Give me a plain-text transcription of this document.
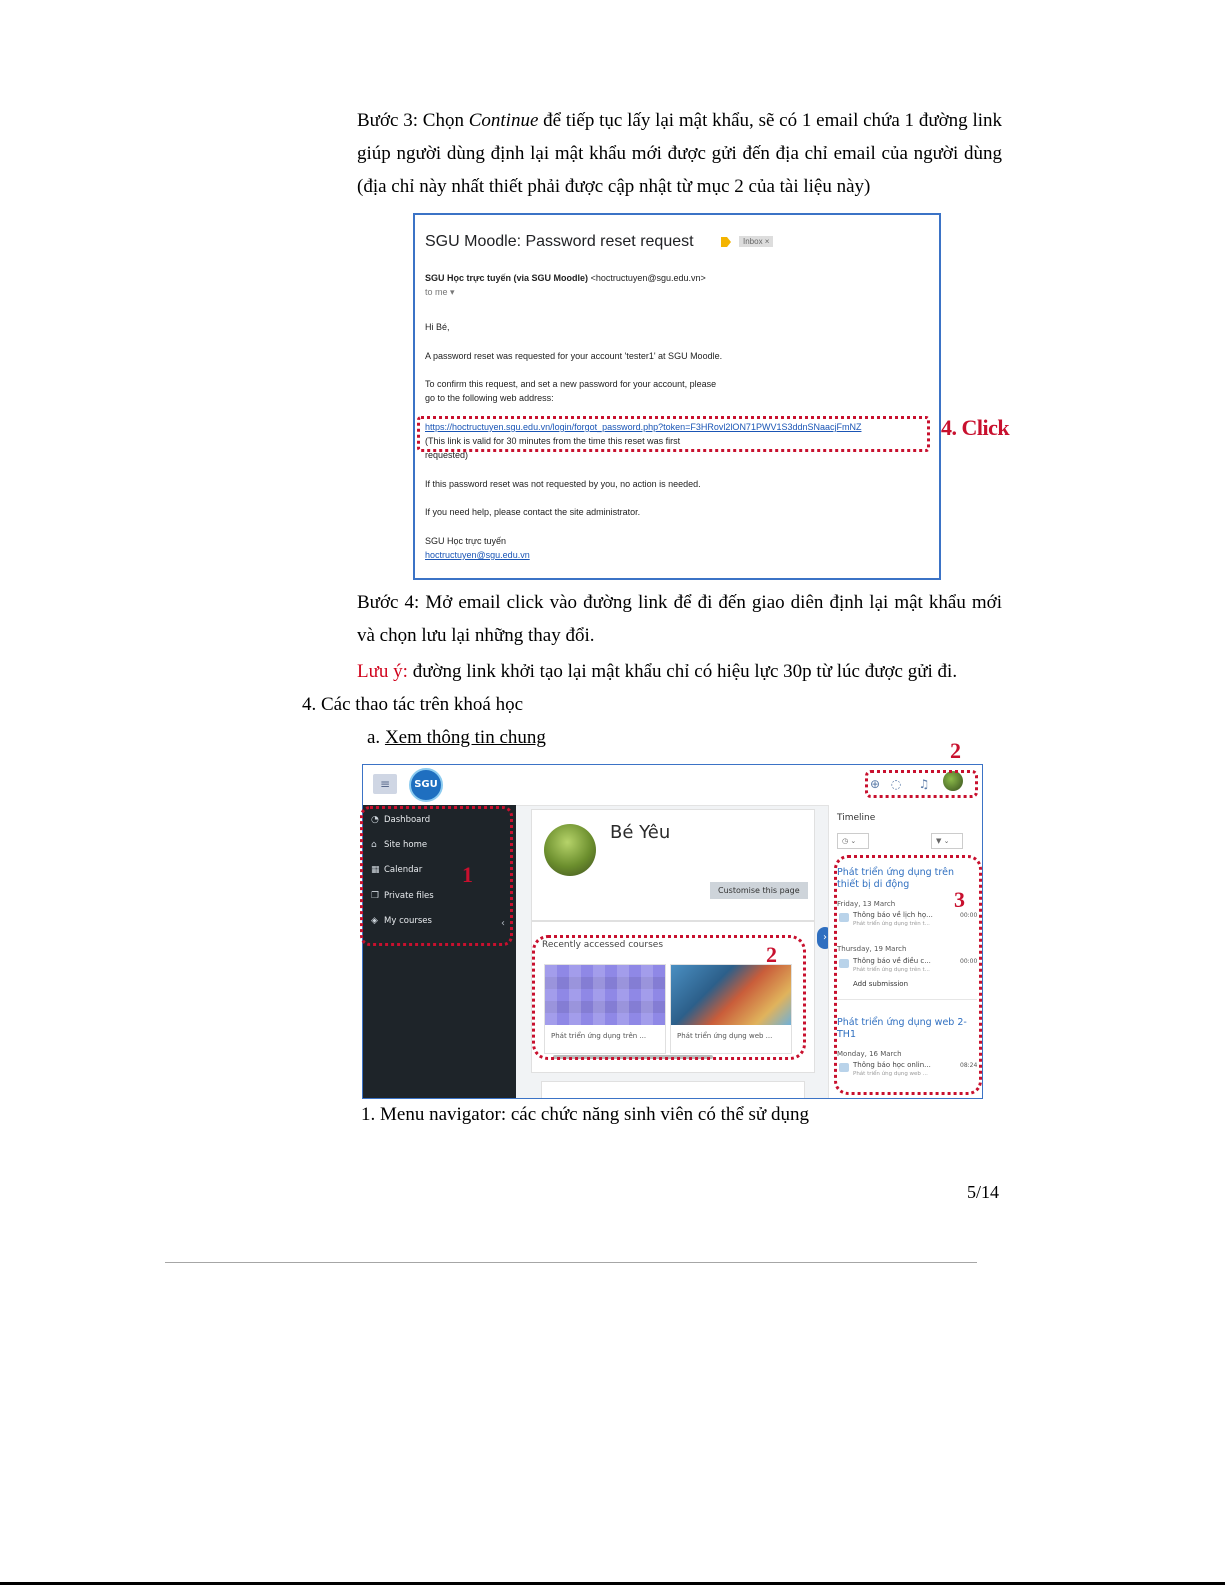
Bước 3: Chọn Continue để tiếp tục lấy lại mật khẩu, sẽ có 1 email chứa 1 đường link giúp người dùng định lại mật khẩu mới được gửi đến địa chỉ email của người dùng (địa chỉ này nhất thiết phải được cập nhật từ mục 2 của tài liệu này)
SGU Moodle: Password reset request	Inbox ×
SGU Học trực tuyến (via SGU Moodle) <hoctructuyen@sgu.edu.vn>
to me ▾
Hi Bé,
A password reset was requested for your account 'tester1' at SGU Moodle.
To confirm this request, and set a new password for your account, please
go to the following web address:
https://hoctructuyen.sgu.edu.vn/login/forgot_password.php?token=F3HRovl2lON71PWV1S3ddnSNaacjFmNZ
(This link is valid for 30 minutes from the time this reset was first
requested)
If this password reset was not requested by you, no action is needed.
If you need help, please contact the site administrator.
SGU Học trực tuyến
hoctructuyen@sgu.edu.vn
4. Click
Bước 4: Mở email click vào đường link để đi đến giao diên định lại mật khẩu mới và chọn lưu lại những thay đổi.
Lưu ý: đường link khởi tạo lại mật khẩu chỉ có hiệu lực 30p từ lúc được gửi đi.
4. Các thao tác trên khoá học
a. Xem thông tin chung
≡	SGU	⊕ ◌ ♫
◔ Dashboard
⌂ Site home
▦ Calendar
❐ Private files
◈ My courses	‹
Bé Yêu
Customise this page
Recently accessed courses
Phát triển ứng dụng trên ...	Phát triển ứng dụng web ...
›
Timeline
◷ ⌄	▼ ⌄
Phát triển ứng dụng trên thiết bị di động
Friday, 13 March
Thông báo về lịch họ...
Phát triển ứng dụng trên t...
00:00
Thursday, 19 March
Thông báo về điều c...
Phát triển ứng dụng trên t...
00:00
Add submission
Phát triển ứng dụng web 2-TH1
Monday, 16 March
Thông báo học onlin...
Phát triển ứng dụng web ...
08:24
1
2
2
3
1. Menu navigator: các chức năng sinh viên có thể sử dụng
5/14
